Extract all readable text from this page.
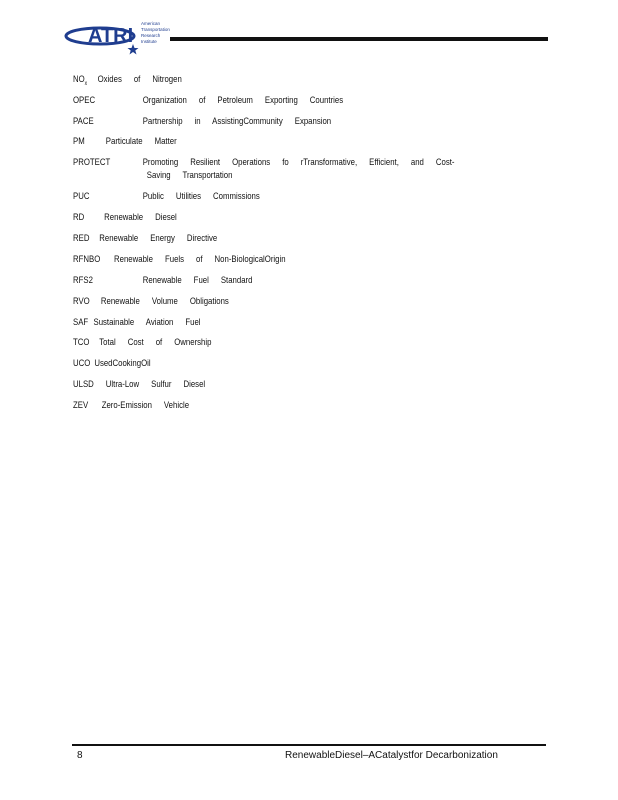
ATRI
American
Transportation
Research
Institute
$NO_x$ Oxides of Nitrogen
OPEC	Organization of Petroleum Exporting Countries
PACE	Partnership in AssistingCommunity Expansion
PM Particulate Matter
PROTECT	Promoting Resilient Operations fo rTransformative, Efficient, and Cost-
Saving Transportation
PUC	Public Utilities Commissions
RD Renewable Diesel
RED Renewable Energy Directive
RFNBO Renewable Fuels of Non-BiologicalOrigin
RFS2	Renewable Fuel Standard
RVO Renewable Volume Obligations
SAF Sustainable Aviation Fuel
TCO Total Cost of Ownership
UCO UsedCookingOil
ULSD Ultra-Low Sulfur Diesel
ZEV Zero-Emission Vehicle
8	RenewableDiesel–ACatalystfor Decarbonization
